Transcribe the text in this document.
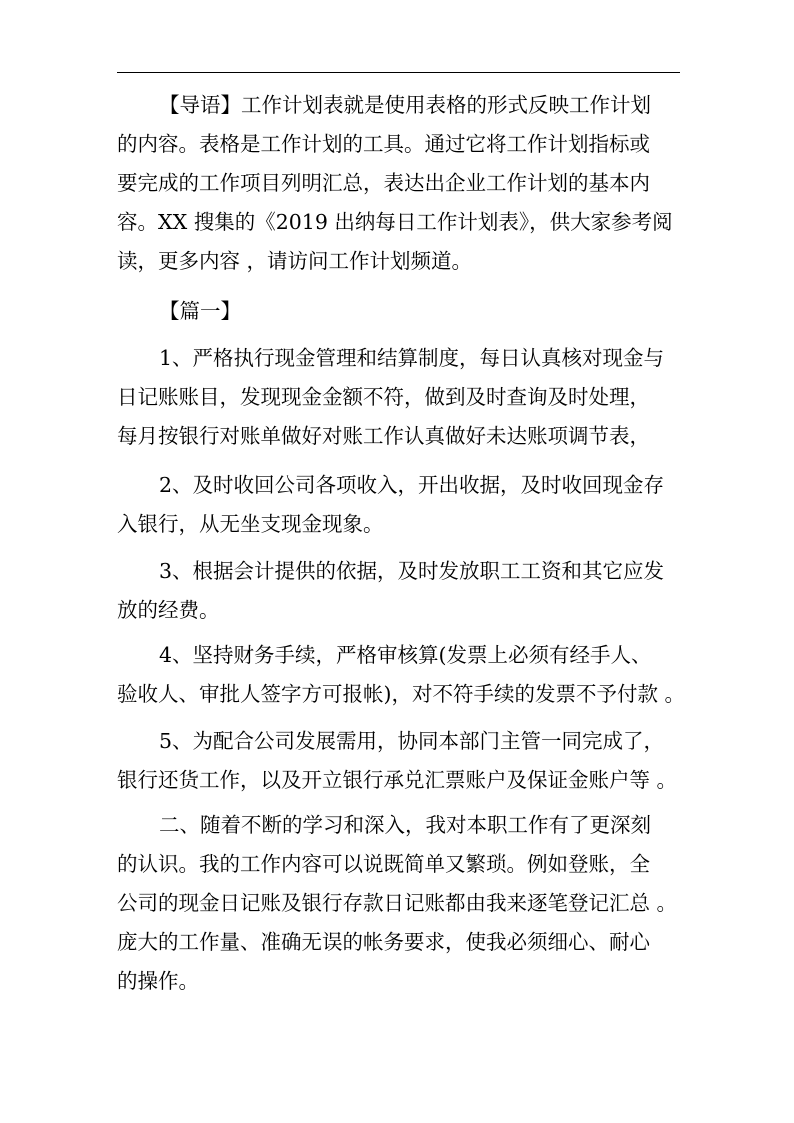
【导语】工作计划表就是使用表格的形式反映工作计划

的内容。表格是工作计划的工具。通过它将工作计划指标或

要完成的工作项目列明汇总，表达出企业工作计划的基本内

容。XX 搜集的《2019 出纳每日工作计划表》，供大家参考阅

读，更多内容 ，请访问工作计划频道。

【篇一】

1、严格执行现金管理和结算制度，每日认真核对现金与

日记账账目，发现现金金额不符，做到及时查询及时处理，

每月按银行对账单做好对账工作认真做好未达账项调节表，

2、及时收回公司各项收入，开出收据，及时收回现金存

入银行，从无坐支现金现象。

3、根据会计提供的依据，及时发放职工工资和其它应发

放的经费。

4、坚持财务手续，严格审核算(发票上必须有经手人、

验收人、审批人签字方可报帐)，对不符手续的发票不予付款 。

5、为配合公司发展需用，协同本部门主管一同完成了，

银行还货工作，以及开立银行承兑汇票账户及保证金账户等 。

二、随着不断的学习和深入，我对本职工作有了更深刻

的认识。我的工作内容可以说既简单又繁琐。例如登账，全

公司的现金日记账及银行存款日记账都由我来逐笔登记汇总 。

庞大的工作量、准确无误的帐务要求，使我必须细心、耐心

的操作。
